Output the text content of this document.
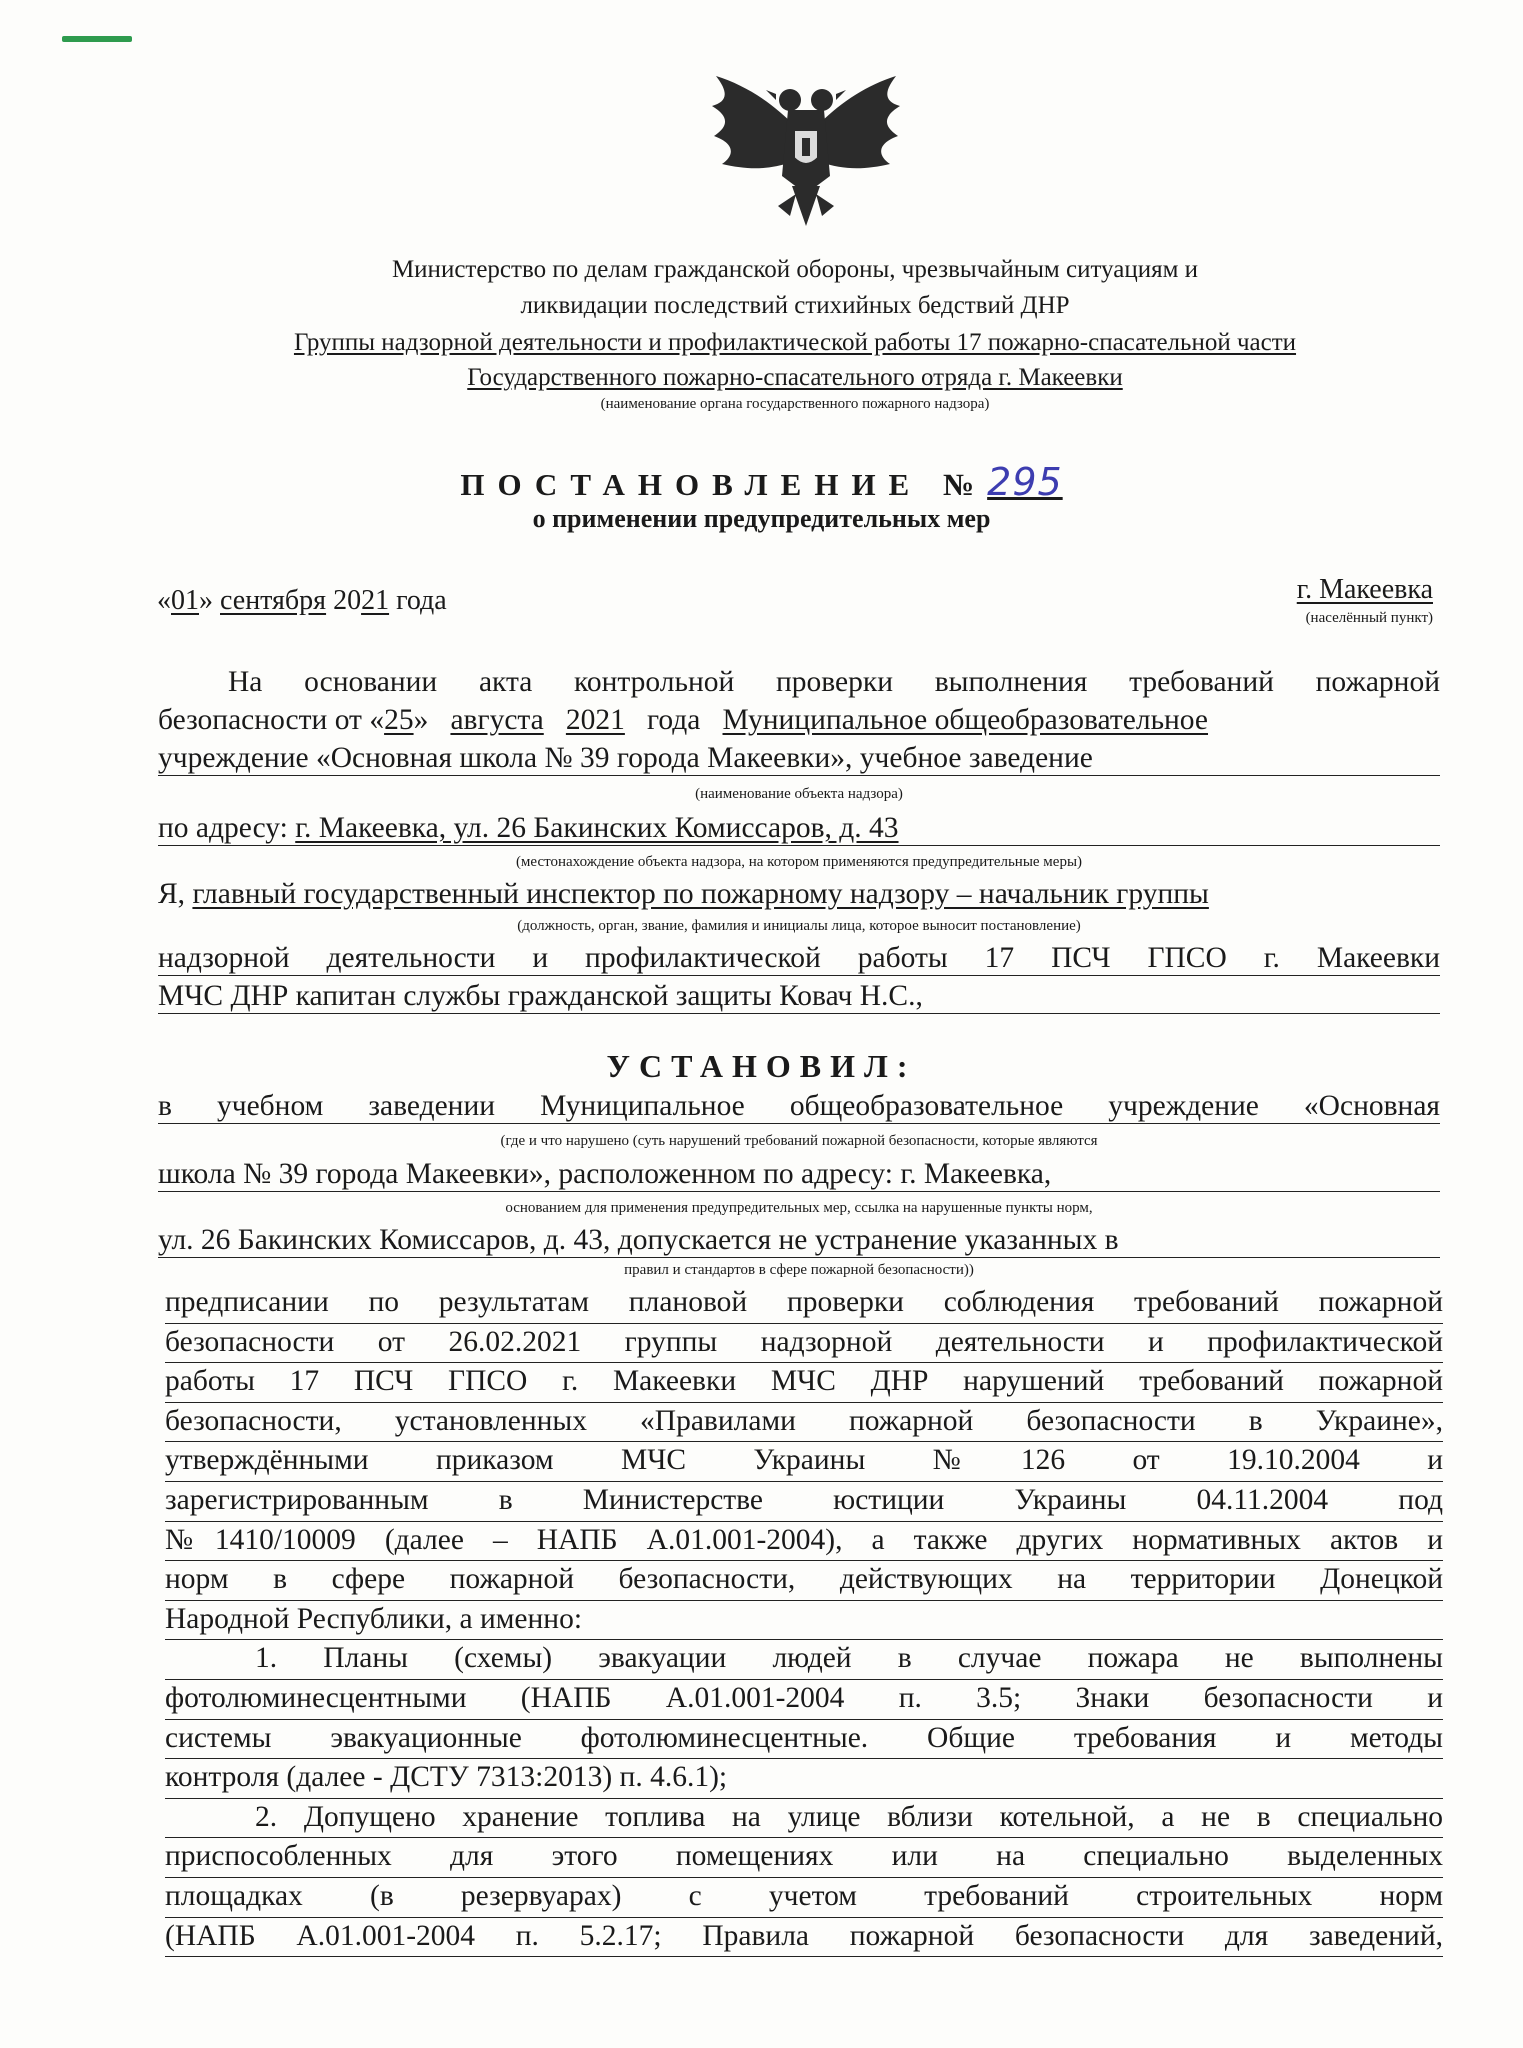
Министерство по делам гражданской обороны, чрезвычайным ситуациям и
ликвидации последствий стихийных бедствий ДНР
Группы надзорной деятельности и профилактической работы 17 пожарно-спасательной части
Государственного пожарно-спасательного отряда г. Макеевки
(наименование органа государственного пожарного надзора)
ПОСТАНОВЛЕНИЕ №295
о применении предупредительных мер
«01» сентября 2021 года	г. Макеевка
(населённый пункт)
На основании акта контрольной проверки выполнения требований пожарной
безопасности от «25» августа 2021 года Муниципальное общеобразовательное
учреждение «Основная школа № 39 города Макеевки», учебное заведение
(наименование объекта надзора)
по адресу: г. Макеевка, ул. 26 Бакинских Комиссаров, д. 43
(местонахождение объекта надзора, на котором применяются предупредительные меры)
Я, главный государственный инспектор по пожарному надзору – начальник группы
(должность, орган, звание, фамилия и инициалы лица, которое выносит постановление)
надзорной деятельности и профилактической работы 17 ПСЧ ГПСО г. Макеевки
МЧС ДНР капитан службы гражданской защиты Ковач Н.С.,
УСТАНОВИЛ:
в учебном заведении Муниципальное общеобразовательное учреждение «Основная
(где и что нарушено (суть нарушений требований пожарной безопасности, которые являются
школа № 39 города Макеевки», расположенном по адресу: г. Макеевка,
основанием для применения предупредительных мер, ссылка на нарушенные пункты норм,
ул. 26 Бакинских Комиссаров, д. 43, допускается не устранение указанных в
правил и стандартов в сфере пожарной безопасности))
предписании по результатам плановой проверки соблюдения требований пожарной
безопасности от 26.02.2021 группы надзорной деятельности и профилактической
работы 17 ПСЧ ГПСО г. Макеевки МЧС ДНР нарушений требований пожарной
безопасности, установленных «Правилами пожарной безопасности в Украине»,
утверждёнными приказом МЧС Украины №126 от 19.10.2004 и
зарегистрированным в Министерстве юстиции Украины 04.11.2004 под
№1410/10009 (далее – НАПБ А.01.001-2004), а также других нормативных актов и
норм в сфере пожарной безопасности, действующих на территории Донецкой
Народной Республики, а именно:
1. Планы (схемы) эвакуации людей в случае пожара не выполнены
фотолюминесцентными (НАПБ А.01.001-2004 п. 3.5; Знаки безопасности и
системы эвакуационные фотолюминесцентные. Общие требования и методы
контроля (далее - ДСТУ 7313:2013) п. 4.6.1);
2. Допущено хранение топлива на улице вблизи котельной, а не в специально
приспособленных для этого помещениях или на специально выделенных
площадках (в резервуарах) с учетом требований строительных норм
(НАПБ А.01.001-2004 п. 5.2.17; Правила пожарной безопасности для заведений,
